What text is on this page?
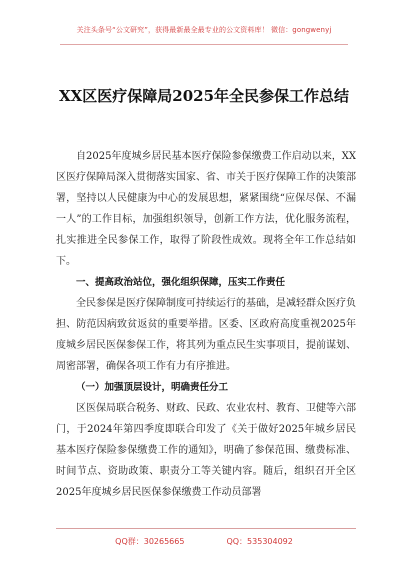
关注头条号“公文研究”，获得最新最全最专业的公文资料库！ 微信：gongwenyj
XX区医疗保障局2025年全民参保工作总结

自2025年度城乡居民基本医疗保险参保缴费工作启动以来，XX区医疗保障局深入贯彻落实国家、省、市关于医疗保障工作的决策部署，坚持以人民健康为中心的发展思想，紧紧围绕“应保尽保、不漏一人”的工作目标，加强组织领导，创新工作方法，优化服务流程，扎实推进全民参保工作，取得了阶段性成效。现将全年工作总结如下。

一、提高政治站位，强化组织保障，压实工作责任

全民参保是医疗保障制度可持续运行的基础，是减轻群众医疗负担、防范因病致贫返贫的重要举措。区委、区政府高度重视2025年度城乡居民医保参保工作，将其列为重点民生实事项目，提前谋划、周密部署，确保各项工作有力有序推进。

（一）加强顶层设计，明确责任分工

区医保局联合税务、财政、民政、农业农村、教育、卫健等六部门，于2024年第四季度即联合印发了《关于做好2025年城乡居民基本医疗保险参保缴费工作的通知》，明确了参保范围、缴费标准、时间节点、资助政策、职责分工等关键内容。随后，组织召开全区2025年度城乡居民医保参保缴费工作动员部署

QQ群：30265665	QQ：535304092
